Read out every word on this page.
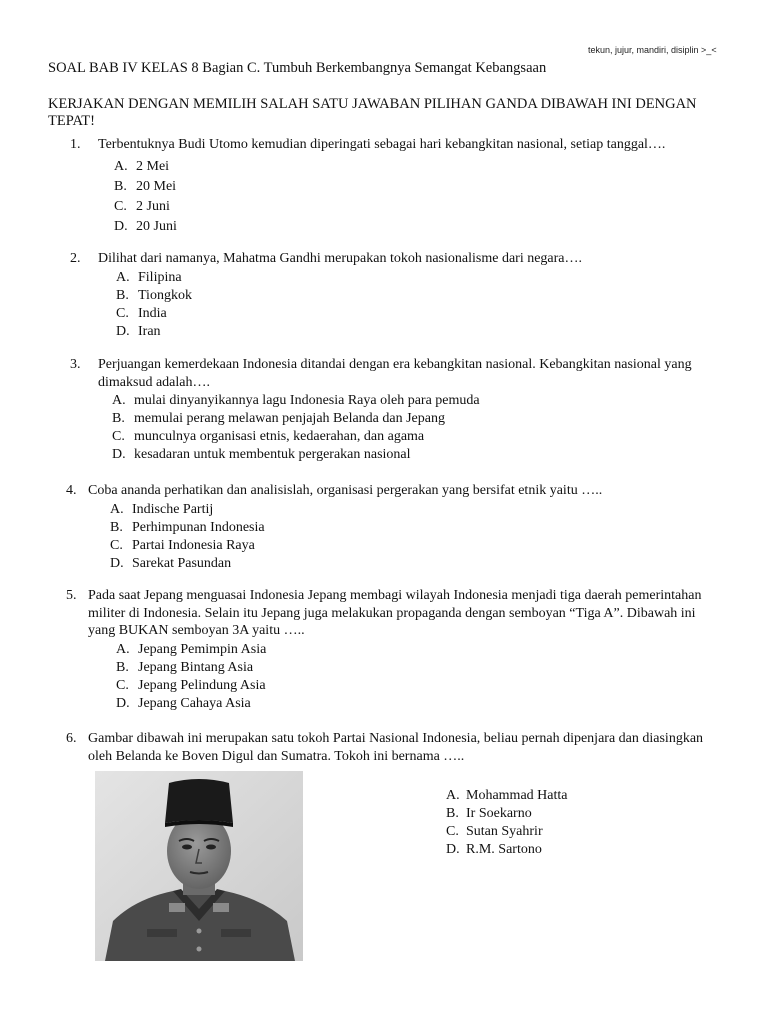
tekun, jujur, mandiri, disiplin >_<
SOAL BAB IV KELAS 8 Bagian C. Tumbuh Berkembangnya Semangat Kebangsaan
KERJAKAN DENGAN MEMILIH SALAH SATU JAWABAN PILIHAN GANDA DIBAWAH INI DENGAN TEPAT!
1.	Terbentuknya Budi Utomo kemudian diperingati sebagai hari kebangkitan nasional, setiap tanggal….
A. 2 Mei
B. 20 Mei
C. 2 Juni
D. 20 Juni
2.	Dilihat dari namanya, Mahatma Gandhi merupakan tokoh nasionalisme dari negara….
A. Filipina
B. Tiongkok
C. India
D. Iran
3.	Perjuangan kemerdekaan Indonesia ditandai dengan era kebangkitan nasional. Kebangkitan nasional yang dimaksud adalah….
A. mulai dinyanyikannya lagu Indonesia Raya oleh para pemuda
B. memulai perang melawan penjajah Belanda dan Jepang
C. munculnya organisasi etnis, kedaerahan, dan agama
D. kesadaran untuk membentuk pergerakan nasional
4. Coba ananda perhatikan dan analisislah, organisasi pergerakan yang bersifat etnik yaitu …..
A. Indische Partij
B. Perhimpunan Indonesia
C. Partai Indonesia Raya
D. Sarekat Pasundan
5. Pada saat Jepang menguasai Indonesia Jepang membagi wilayah Indonesia menjadi tiga daerah pemerintahan militer di Indonesia. Selain itu Jepang juga melakukan propaganda dengan semboyan “Tiga A”. Dibawah ini yang BUKAN semboyan 3A yaitu …..
A. Jepang Pemimpin Asia
B. Jepang Bintang Asia
C. Jepang Pelindung Asia
D. Jepang Cahaya Asia
6. Gambar dibawah ini merupakan satu tokoh Partai Nasional Indonesia, beliau pernah dipenjara dan diasingkan oleh Belanda ke Boven Digul dan Sumatra. Tokoh ini bernama …..
A. Mohammad Hatta
B. Ir Soekarno
C. Sutan Syahrir
D. R.M. Sartono
